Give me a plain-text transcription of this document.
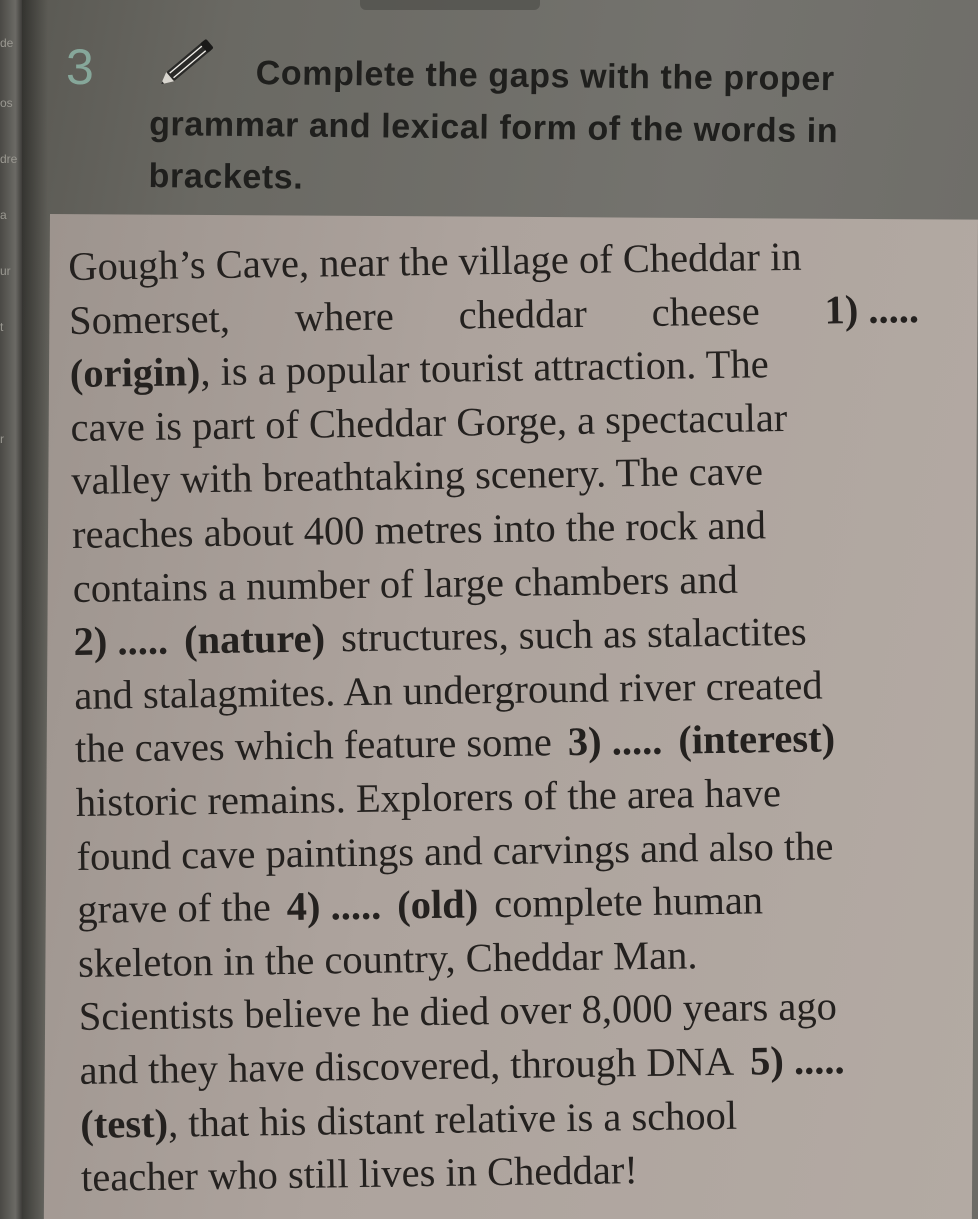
de
os
dre
a
ur
t
r
3	Complete the gaps with the proper
grammar and lexical form of the words in
brackets.
Gough’s Cave, near the village of Cheddar in
Somerset, where cheddar cheese 1) .....
(origin) , is a popular tourist attraction. The
cave is part of Cheddar Gorge, a spectacular
valley with breathtaking scenery. The cave
reaches about 400 metres into the rock and
contains a number of large chambers and
2) ..... (nature) structures, such as stalactites
and stalagmites. An underground river created
the caves which feature some 3) ..... (interest)
historic remains. Explorers of the area have
found cave paintings and carvings and also the
grave of the 4) ..... (old) complete human
skeleton in the country, Cheddar Man.
Scientists believe he died over 8,000 years ago
and they have discovered, through DNA 5) .....
(test) , that his distant relative is a school
teacher who still lives in Cheddar!
